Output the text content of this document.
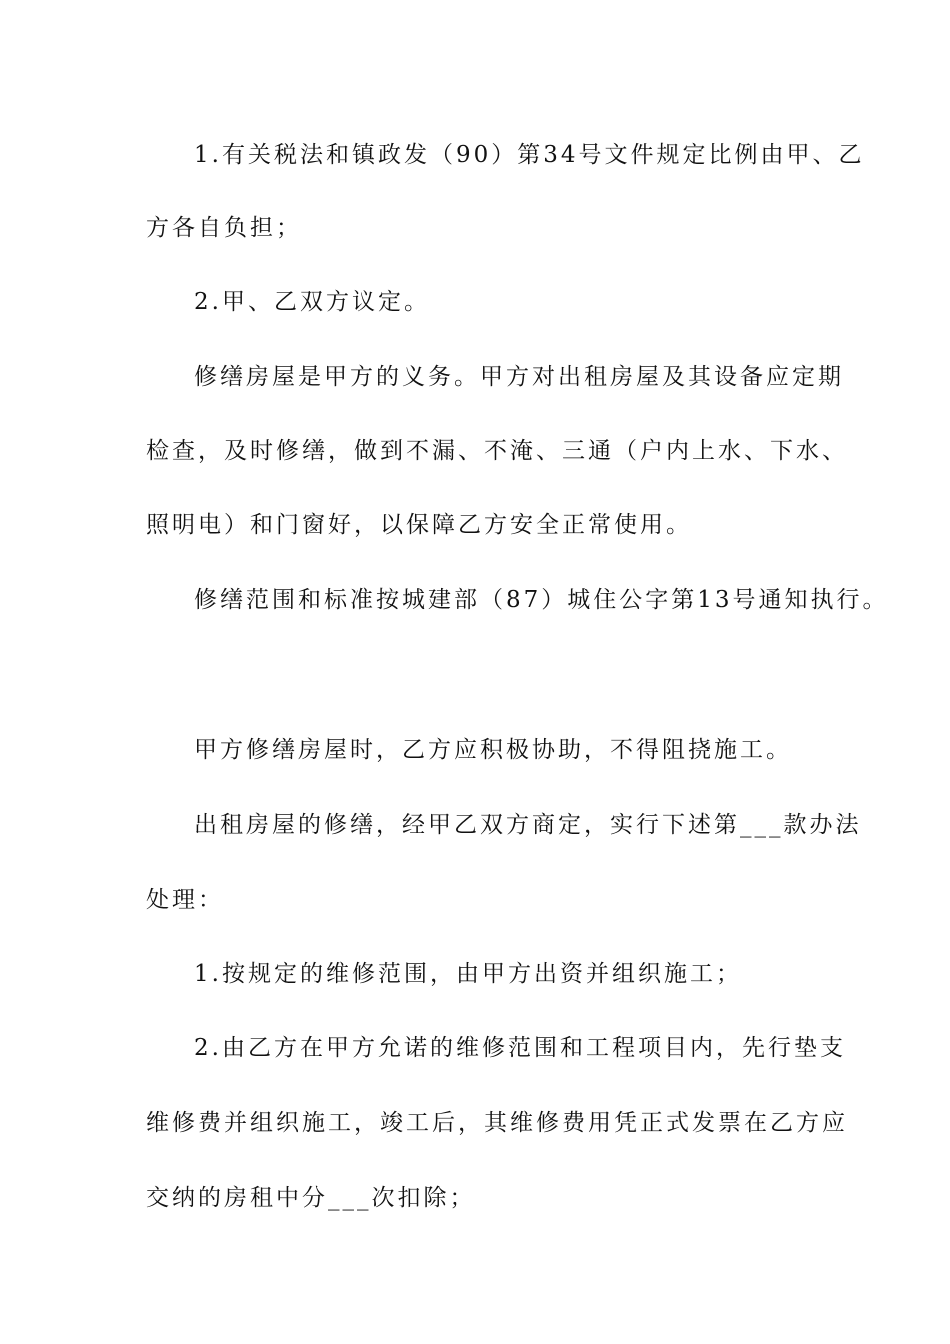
1.有关税法和镇政发（90）第34号文件规定比例由甲、乙
方各自负担；
2.甲、乙双方议定。
修缮房屋是甲方的义务。甲方对出租房屋及其设备应定期
检查，及时修缮，做到不漏、不淹、三通（户内上水、下水、
照明电）和门窗好，以保障乙方安全正常使用。
修缮范围和标准按城建部（87）城住公字第13号通知执行。
甲方修缮房屋时，乙方应积极协助，不得阻挠施工。
出租房屋的修缮，经甲乙双方商定，实行下述第___款办法
处理：
1.按规定的维修范围，由甲方出资并组织施工；
2.由乙方在甲方允诺的维修范围和工程项目内，先行垫支
维修费并组织施工，竣工后，其维修费用凭正式发票在乙方应
交纳的房租中分___次扣除；
